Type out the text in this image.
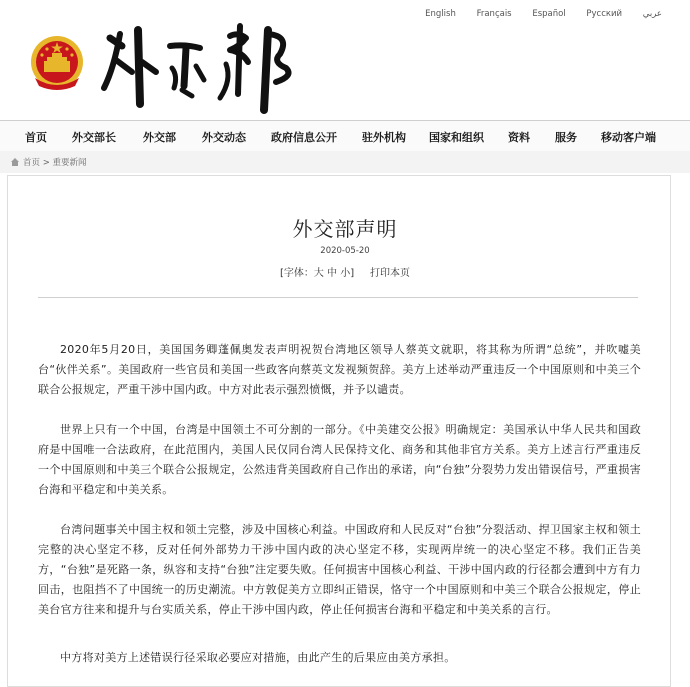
English Français Español Русский عربي
首页 外交部长 外交部 外交动态 政府信息公开 驻外机构 国家和组织 资料 服务 移动客户端
首页 > 重要新闻
外交部声明
2020-05-20
[字体：大 中 小] 打印本页

2020年5月20日，美国国务卿蓬佩奥发表声明祝贺台湾地区领导人蔡英文就职，将其称为所谓“总统”，并吹嘘美台“伙伴关系”。美国政府一些官员和美国一些政客向蔡英文发视频贺辞。美方上述举动严重违反一个中国原则和中美三个联合公报规定，严重干涉中国内政。中方对此表示强烈愤慨，并予以谴责。

世界上只有一个中国，台湾是中国领土不可分割的一部分。《中美建交公报》明确规定：美国承认中华人民共和国政府是中国唯一合法政府，在此范围内，美国人民仅同台湾人民保持文化、商务和其他非官方关系。美方上述言行严重违反一个中国原则和中美三个联合公报规定，公然违背美国政府自己作出的承诺，向“台独”分裂势力发出错误信号，严重损害台海和平稳定和中美关系。

台湾问题事关中国主权和领土完整，涉及中国核心利益。中国政府和人民反对“台独”分裂活动、捍卫国家主权和领土完整的决心坚定不移，反对任何外部势力干涉中国内政的决心坚定不移，实现两岸统一的决心坚定不移。我们正告美方，“台独”是死路一条，纵容和支持“台独”注定要失败。任何损害中国核心利益、干涉中国内政的行径都会遭到中方有力回击，也阻挡不了中国统一的历史潮流。中方敦促美方立即纠正错误，恪守一个中国原则和中美三个联合公报规定，停止美台官方往来和提升与台实质关系，停止干涉中国内政，停止任何损害台海和平稳定和中美关系的言行。

中方将对美方上述错误行径采取必要应对措施，由此产生的后果应由美方承担。
